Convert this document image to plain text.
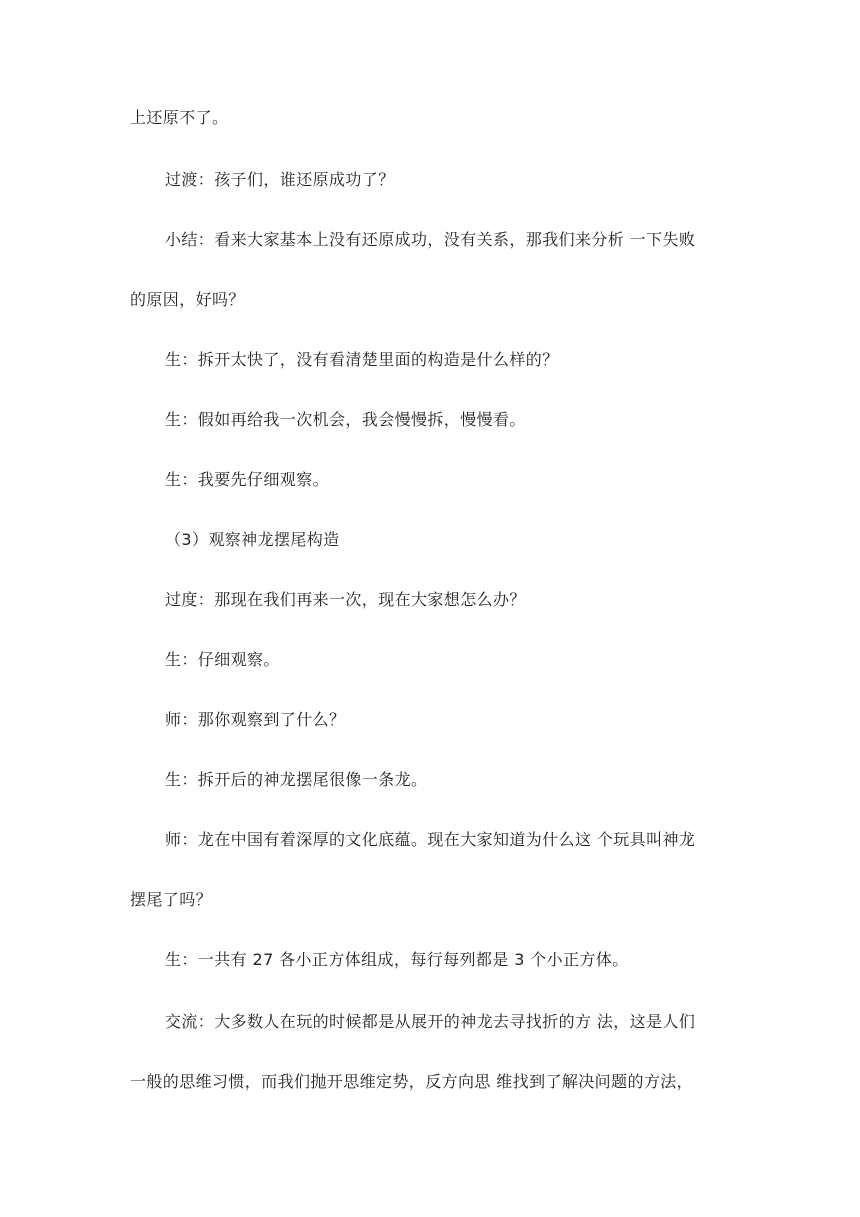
上还原不了。
过渡：孩子们，谁还原成功了？
小结：看来大家基本上没有还原成功，没有关系，那我们来分析 一下失败
的原因，好吗？
生：拆开太快了，没有看清楚里面的构造是什么样的？
生：假如再给我一次机会，我会慢慢拆，慢慢看。
生：我要先仔细观察。
（3）观察神龙摆尾构造
过度：那现在我们再来一次，现在大家想怎么办？
生：仔细观察。
师：那你观察到了什么？
生：拆开后的神龙摆尾很像一条龙。
师：龙在中国有着深厚的文化底蕴。现在大家知道为什么这 个玩具叫神龙
摆尾了吗？
生：一共有 27 各小正方体组成，每行每列都是 3 个小正方体。
交流：大多数人在玩的时候都是从展开的神龙去寻找折的方 法，这是人们
一般的思维习惯，而我们抛开思维定势，反方向思 维找到了解决问题的方法，
